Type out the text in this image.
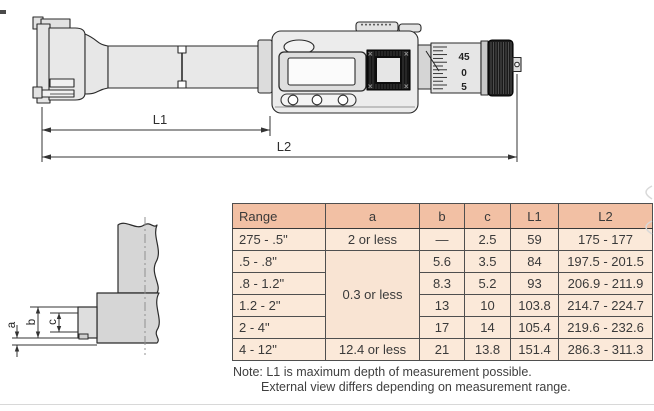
45
0
5
L1
L2
a b c
Range	a	b	c	L1	L2
275 - .5"	2 or less	—	2.5	59	175 - 177
.5 - .8"	0.3 or less	5.6	3.5	84	197.5 - 201.5
.8 - 1.2"		8.3	5.2	93	206.9 - 211.9
1.2 - 2"		13	10	103.8	214.7 - 224.7
2 - 4"		17	14	105.4	219.6 - 232.6
4 - 12"	12.4 or less	21	13.8	151.4	286.3 - 311.3
Note: L1 is maximum depth of measurement possible.
External view differs depending on measurement range.
